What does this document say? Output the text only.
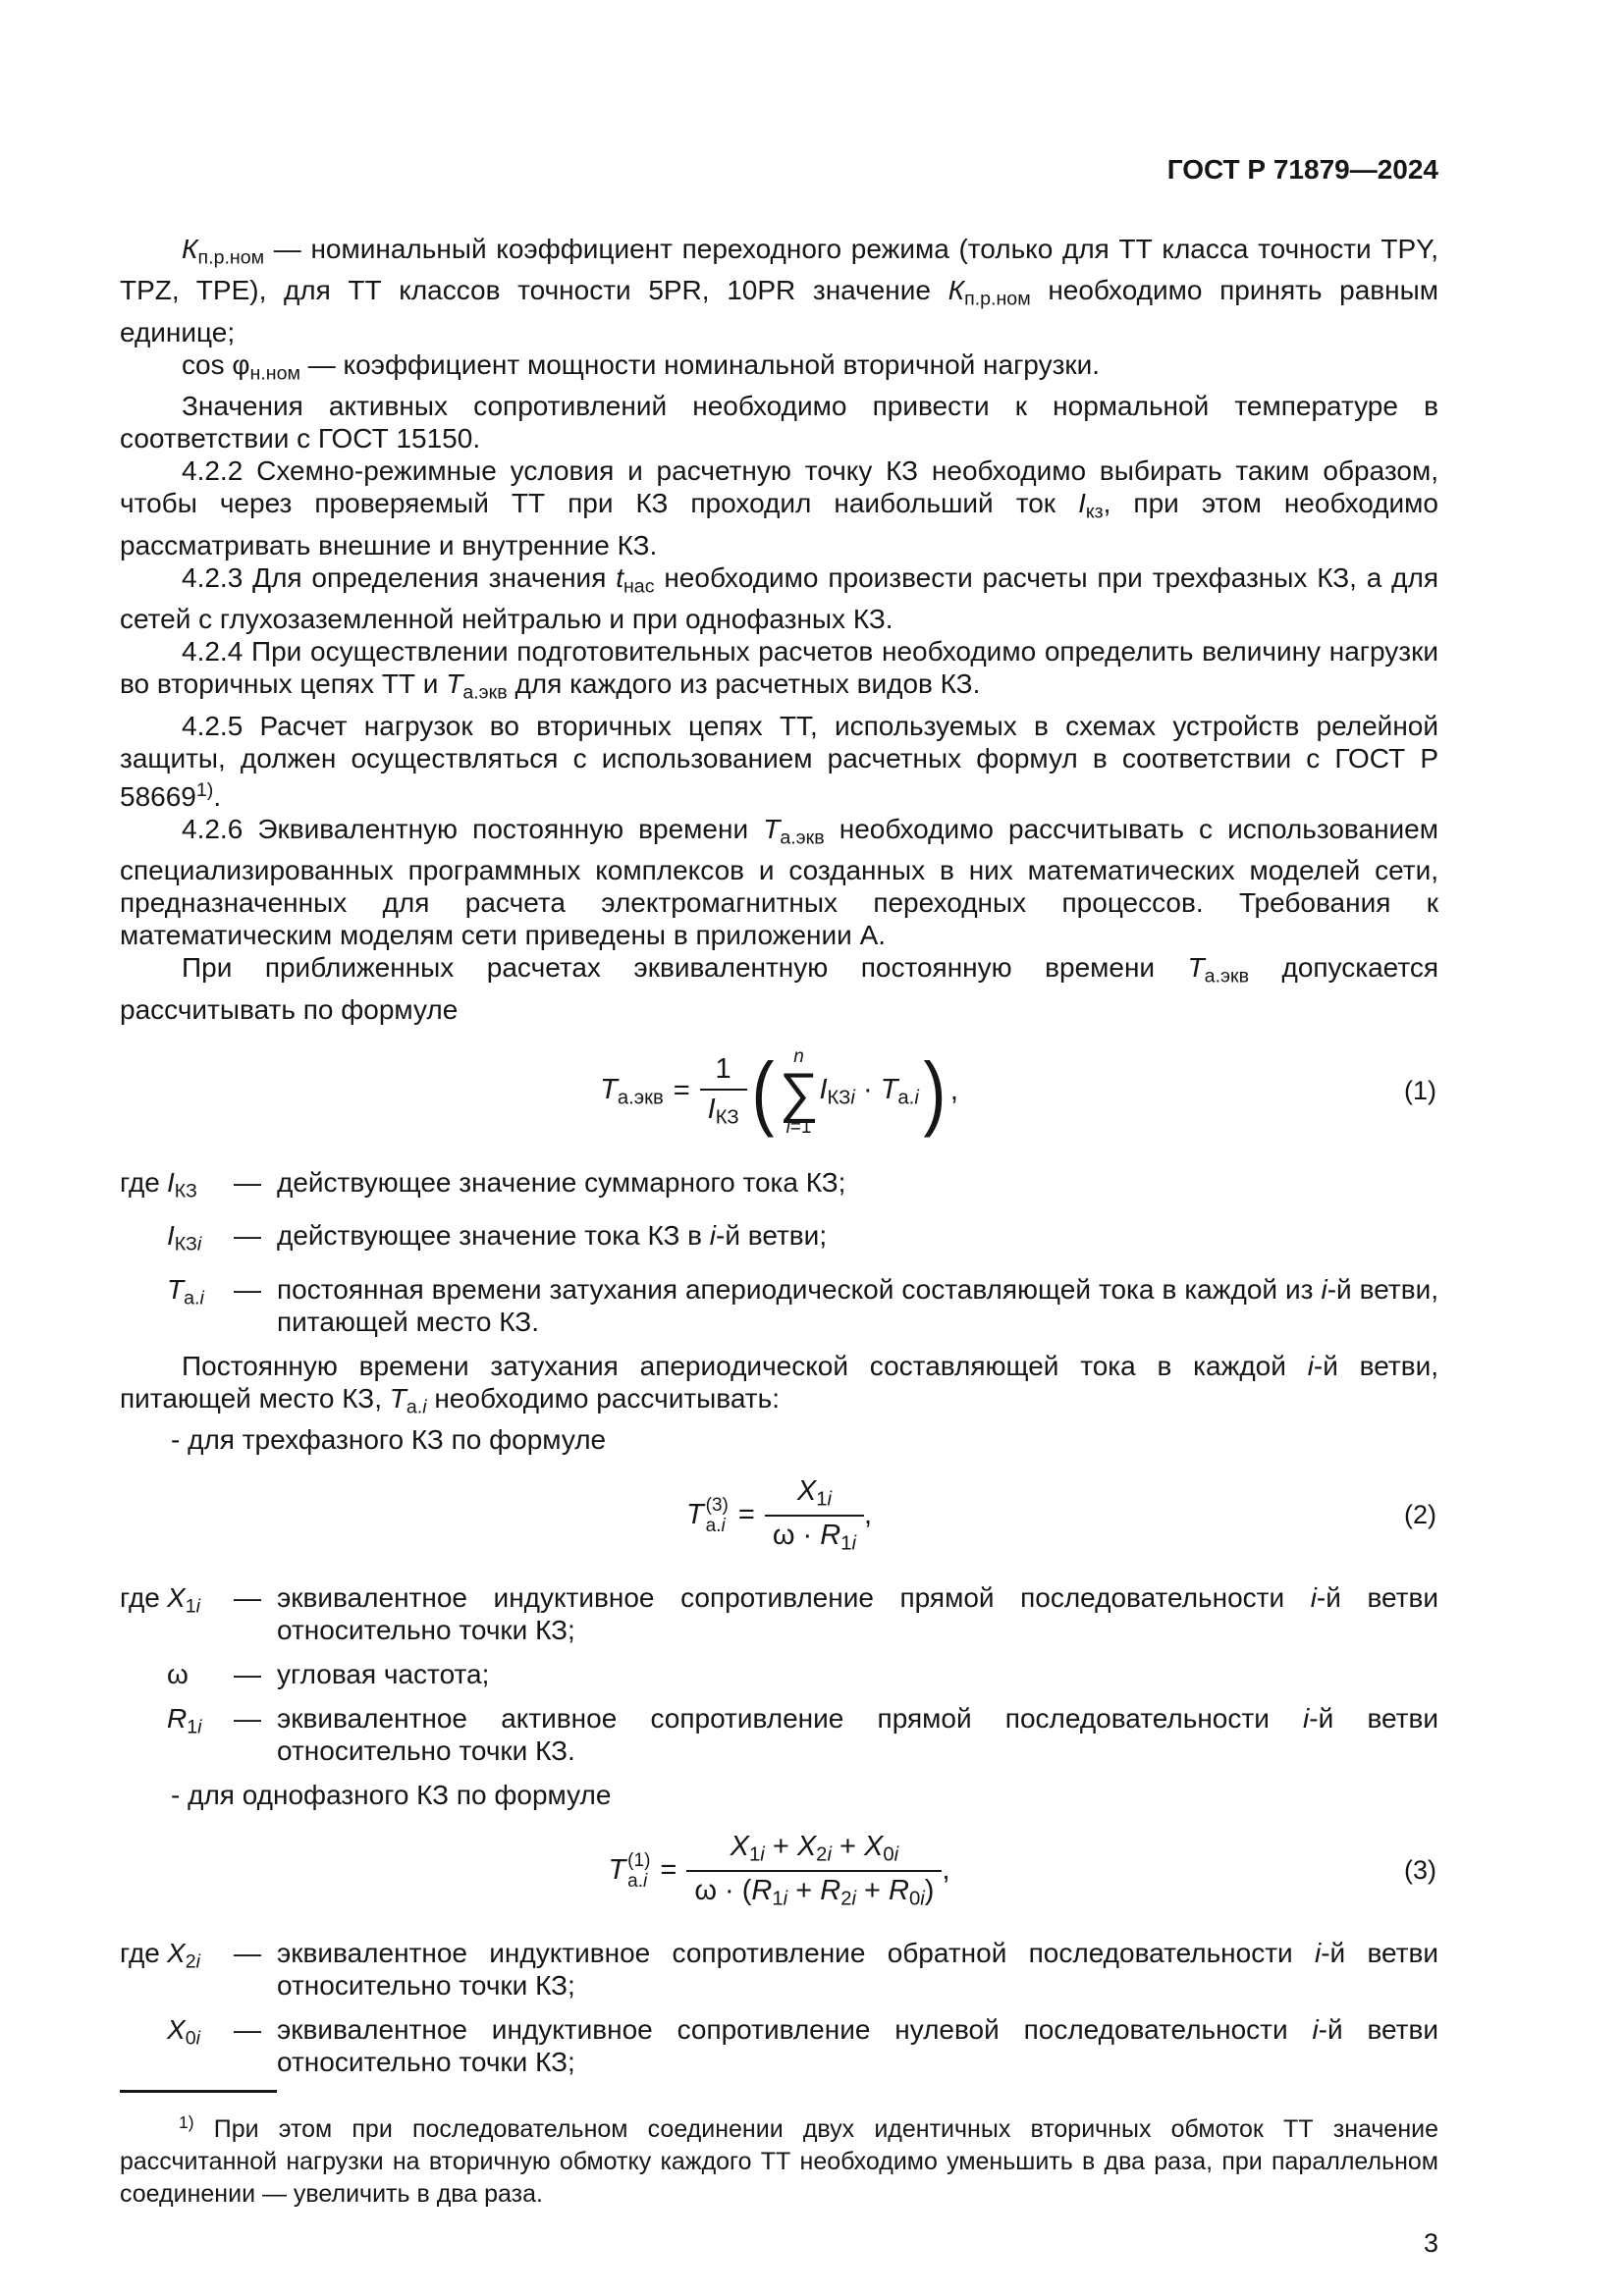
ГОСТ Р 71879—2024

Кп.р.ном — номинальный коэффициент переходного режима (только для ТТ класса точности TPY, TPZ, TPE), для ТТ классов точности 5PR, 10PR значение Кп.р.ном необходимо принять равным единице;

cos φн.ном — коэффициент мощности номинальной вторичной нагрузки.

Значения активных сопротивлений необходимо привести к нормальной температуре в соответствии с ГОСТ 15150.

4.2.2 Схемно-режимные условия и расчетную точку КЗ необходимо выбирать таким образом, чтобы через проверяемый ТТ при КЗ проходил наибольший ток Iкз, при этом необходимо рассматривать внешние и внутренние КЗ.

4.2.3 Для определения значения tнас необходимо произвести расчеты при трехфазных КЗ, а для сетей с глухозаземленной нейтралью и при однофазных КЗ.

4.2.4 При осуществлении подготовительных расчетов необходимо определить величину нагрузки во вторичных цепях ТТ и Та.экв для каждого из расчетных видов КЗ.

4.2.5 Расчет нагрузок во вторичных цепях ТТ, используемых в схемах устройств релейной защиты, должен осуществляться с использованием расчетных формул в соответствии с ГОСТ Р 58669$^{1)}$.

4.2.6 Эквивалентную постоянную времени Та.экв необходимо рассчитывать с использованием специализированных программных комплексов и созданных в них математических моделей сети, предназначенных для расчета электромагнитных переходных процессов. Требования к математическим моделям сети приведены в приложении А.

При приближенных расчетах эквивалентную постоянную времени Та.экв допускается рассчитывать по формуле

$Та.экв = \frac{1}{\text{IКЗ}}$ ( n
∑
i=1
IКЗi · Та.i ) ,	(1)
где IКЗ	— действующее значение суммарного тока КЗ;
IКЗi	— действующее значение тока КЗ в i-й ветви;
Та.i	— постоянная времени затухания апериодической составляющей тока в каждой из i-й ветви, питающей место КЗ.

Постоянную времени затухания апериодической составляющей тока в каждой i-й ветви, питающей место КЗ, Та.i необходимо рассчитывать:

- для трехфазного КЗ по формуле

Т (3)
$а.i = \frac{X1i}{\omega \cdot R1i}$ ,	(2)
где X1i	— эквивалентное индуктивное сопротивление прямой последовательности i-й ветви относительно точки КЗ;
ω	— угловая частота;
R1i	— эквивалентное активное сопротивление прямой последовательности i-й ветви относительно точки КЗ.

- для однофазного КЗ по формуле

Т (1)
$а.i = \frac{X1i + X2i + X0i}{\omega \cdot (R1i + R2i + R0i)}$ ,	(3)
где X2i	— эквивалентное индуктивное сопротивление обратной последовательности i-й ветви относительно точки КЗ;
X0i	— эквивалентное индуктивное сопротивление нулевой последовательности i-й ветви относительно точки КЗ;

$^{1)}$ При этом при последовательном соединении двух идентичных вторичных обмоток ТТ значение рассчитанной нагрузки на вторичную обмотку каждого ТТ необходимо уменьшить в два раза, при параллельном соединении — увеличить в два раза.

3
